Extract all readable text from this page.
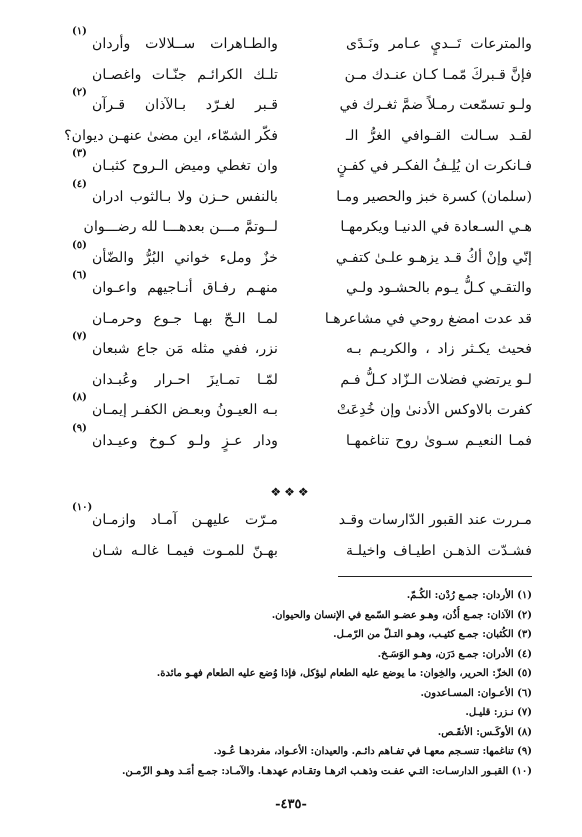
والمترعات تَــديٍ عـامر ونَـدًى
والطـاهرات ســلالات وأردان
(١)
فإنَّ قـبركَ مّمـا كـان عنـدك مـن
تلـك الكرائـم جنّـات واغصـان
ولـو تسمّعت رمـلاً ضمَّ ثغـرك في
قـبر لغـرّد بـالآذان قـرآن
(٢)
لقـد سـالت القـوافي الغرُّ الـ
فكّر الشمّاء، اين مضىٰ عنهـن ديوان؟
فـانكرت ان يُلِـفُ الفكـر في كفـنٍ
وان تغطي وميض الـروح كثبـان
(٣)
(سلمان) كسرة خبز والحصير ومـا
بالنفس حـزن ولا بـالثوب ادران
(٤)
هـي السـعادة في الدنيـا ويكرمهـا
لــوتمَّ مـــن بعدهـــا لله رضـــوان
إنّي وإنْ أكُ قـد يزهـو علـىٰ كتفـي
خزٌ وملء خواني البُرُّ والضّأن
(٥)
والتقـي كـلُّ يـوم بالحشـود ولـي
منهـم رفـاق أنـاجيهم واعـوان
(٦)
قد عدت امضغ روحي في مشاعرهـا
لمـا الـحّ بهـا جـوع وحرمـان
فحيث يكـثر زاد ، والكريـم بـه
نزر، ففي مثله مَن جاع شبعان
(٧)
لـو يرتضي فضلات الـزّاد كـلُّ فـم
لمّـا تمـايزَ احـرار وعُبـدان
كفرت بالاوكس الأدنىٰ وإن خُدِعَتْ
بـه العيـونُ وبعـض الكفـر إيمـان
(٨)
فمـا النعيـم سـوىٰ روح تناغمهـا
ودار عـزٍ ولـو كـوخ وعيـدان
(٩)
❖❖❖
مـررت عند القبور الدّارسات وقـد
مـرّت عليهـن آمـاد وازمـان
(١٠)
فشـدّت الذهـن اطيـاف واخيلـة
بهـنّ للمـوت فيمـا غالـه شـان
(١) الأردان: جمـع رُدْن: الكُـمّ.
(٢) الآذان: جمـع أُذُن، وهـو عضـو السّمع في الإنسان والحيوان.
(٣) الكُثبان: جمـع كثيـب، وهـو التـلّ من الرّمـل.
(٤) الأدران: جمـع دَرَن، وهـو الوَسَـخ.
(٥) الخزّ: الحرير، والخِوان: ما يوضع عليه الطعام ليؤكل، فإذا وُضع عليه الطعام فهـو مائدة.
(٦) الأعـوان: المسـاعدون.
(٧) نـزر: قليـل.
(٨) الأوكَـس: الأنقَـص.
(٩) تناغمها: تنسـجم معهـا في تفـاهم دائـم. والعيدان: الأعـواد، مفردهـا عُـود.
(١٠) القبـور الدارسـات: التـي عفـت وذهـب اثرهـا وتقـادم عهدهـا. والآمـاد: جمـع أمَـد وهـو الزّمـن.
-٤٣٥-
